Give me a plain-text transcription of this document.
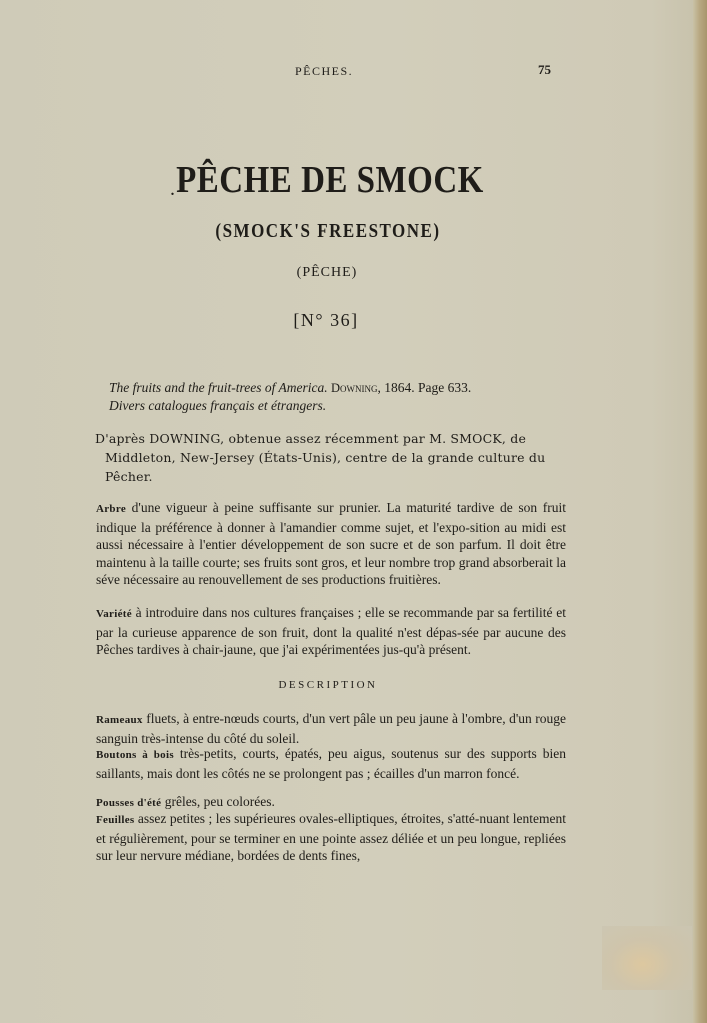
PÊCHES.	75
. PÊCHE DE SMOCK
(SMOCK'S FREESTONE)
(PÊCHE)
[N° 36]
The fruits and the fruit-trees of America. Downing, 1864. Page 633.
Divers catalogues français et étrangers.
D'après DOWNING, obtenue assez récemment par M. SMOCK, de
Middleton, New-Jersey (États-Unis), centre de la grande culture du Pêcher.

Arbre d'une vigueur à peine suffisante sur prunier. La maturité tardive de son fruit indique la préférence à donner à l'amandier comme sujet, et l'expo-sition au midi est aussi nécessaire à l'entier développement de son sucre et de son parfum. Il doit être maintenu à la taille courte; ses fruits sont gros, et leur nombre trop grand absorberait la séve nécessaire au renouvellement de ses productions fruitières.

Variété à introduire dans nos cultures françaises ; elle se recommande par sa fertilité et par la curieuse apparence de son fruit, dont la qualité n'est dépas-sée par aucune des Pêches tardives à chair-jaune, que j'ai expérimentées jus-qu'à présent.

DESCRIPTION

Rameaux fluets, à entre-nœuds courts, d'un vert pâle un peu jaune à l'ombre, d'un rouge sanguin très-intense du côté du soleil.

Boutons à bois très-petits, courts, épatés, peu aigus, soutenus sur des supports bien saillants, mais dont les côtés ne se prolongent pas ; écailles d'un marron foncé.

Pousses d'été grêles, peu colorées.

Feuilles assez petites ; les supérieures ovales-elliptiques, étroites, s'atté-nuant lentement et régulièrement, pour se terminer en une pointe assez déliée et un peu longue, repliées sur leur nervure médiane, bordées de dents fines,
